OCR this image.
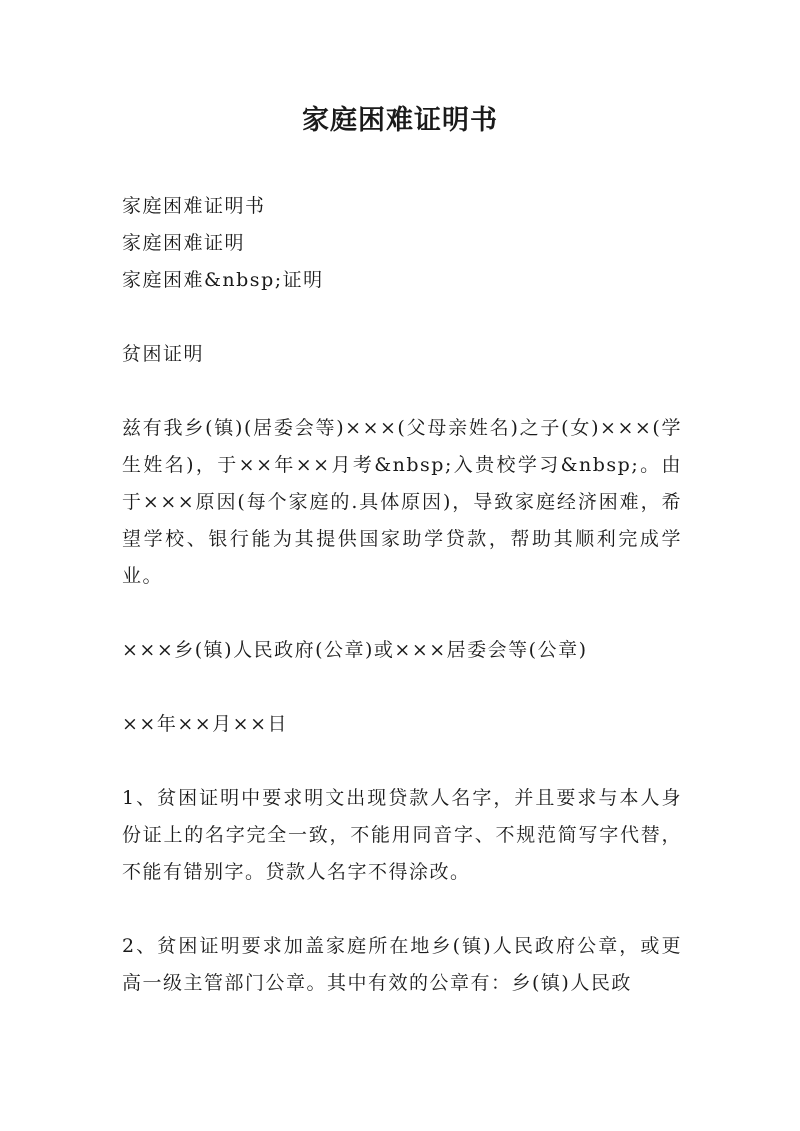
家庭困难证明书

家庭困难证明书

家庭困难证明

家庭困难&nbsp;证明

贫困证明

兹有我乡(镇)(居委会等)×××(父母亲姓名)之子(女)×××(学生姓名)，于××年××月考&nbsp;入贵校学习&nbsp;。由于×××原因(每个家庭的.具体原因)，导致家庭经济困难，希望学校、银行能为其提供国家助学贷款，帮助其顺利完成学业。

×××乡(镇)人民政府(公章)或×××居委会等(公章)

××年××月××日

1、贫困证明中要求明文出现贷款人名字，并且要求与本人身份证上的名字完全一致，不能用同音字、不规范简写字代替，不能有错别字。贷款人名字不得涂改。

2、贫困证明要求加盖家庭所在地乡(镇)人民政府公章，或更高一级主管部门公章。其中有效的公章有：乡(镇)人民政
